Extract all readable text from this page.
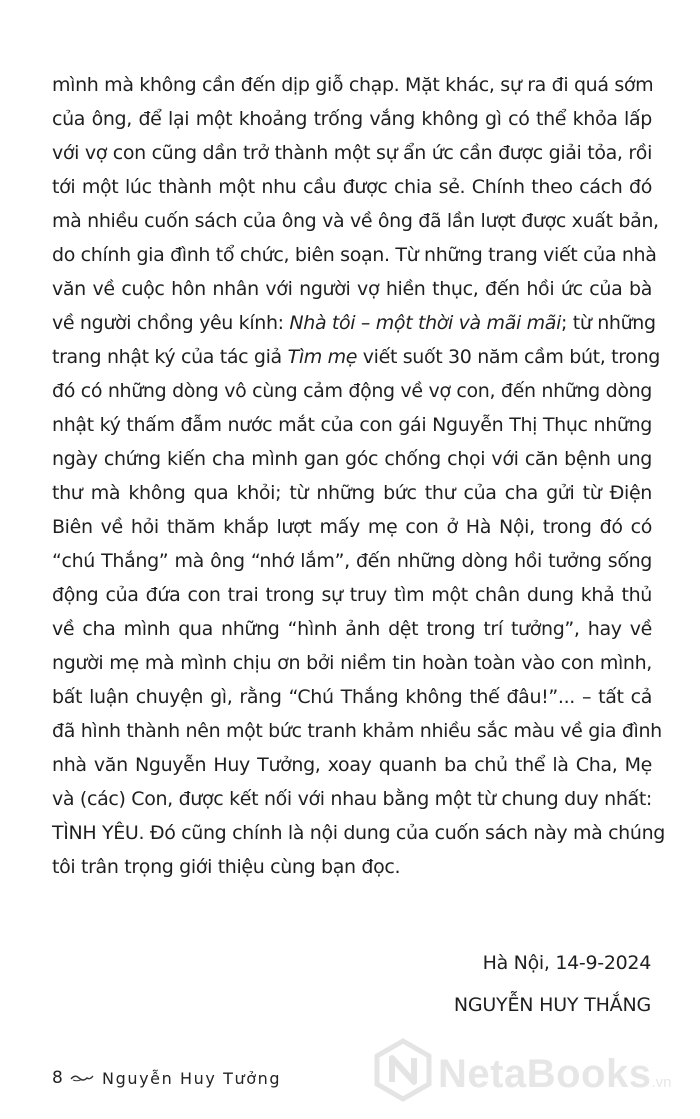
mình mà không cần đến dịp giỗ chạp. Mặt khác, sự ra đi quá sớm
của ông, để lại một khoảng trống vắng không gì có thể khỏa lấp
với vợ con cũng dần trở thành một sự ẩn ức cần được giải tỏa, rồi
tới một lúc thành một nhu cầu được chia sẻ. Chính theo cách đó
mà nhiều cuốn sách của ông và về ông đã lần lượt được xuất bản,
do chính gia đình tổ chức, biên soạn. Từ những trang viết của nhà
văn về cuộc hôn nhân với người vợ hiền thục, đến hồi ức của bà
về người chồng yêu kính: Nhà tôi – một thời và mãi mãi; từ những
trang nhật ký của tác giả Tìm mẹ viết suốt 30 năm cầm bút, trong
đó có những dòng vô cùng cảm động về vợ con, đến những dòng
nhật ký thấm đẫm nước mắt của con gái Nguyễn Thị Thục những
ngày chứng kiến cha mình gan góc chống chọi với căn bệnh ung
thư mà không qua khỏi; từ những bức thư của cha gửi từ Điện
Biên về hỏi thăm khắp lượt mấy mẹ con ở Hà Nội, trong đó có
“chú Thắng” mà ông “nhớ lắm”, đến những dòng hồi tưởng sống
động của đứa con trai trong sự truy tìm một chân dung khả thủ
về cha mình qua những “hình ảnh dệt trong trí tưởng”, hay về
người mẹ mà mình chịu ơn bởi niềm tin hoàn toàn vào con mình,
bất luận chuyện gì, rằng “Chú Thắng không thế đâu!”... – tất cả
đã hình thành nên một bức tranh khảm nhiều sắc màu về gia đình
nhà văn Nguyễn Huy Tưởng, xoay quanh ba chủ thể là Cha, Mẹ
và (các) Con, được kết nối với nhau bằng một từ chung duy nhất:
TÌNH YÊU. Đó cũng chính là nội dung của cuốn sách này mà chúng
tôi trân trọng giới thiệu cùng bạn đọc.
Hà Nội, 14-9-2024
NGUYỄN HUY THẮNG
8	Nguyễn Huy Tưởng	NetaBooks.vn
